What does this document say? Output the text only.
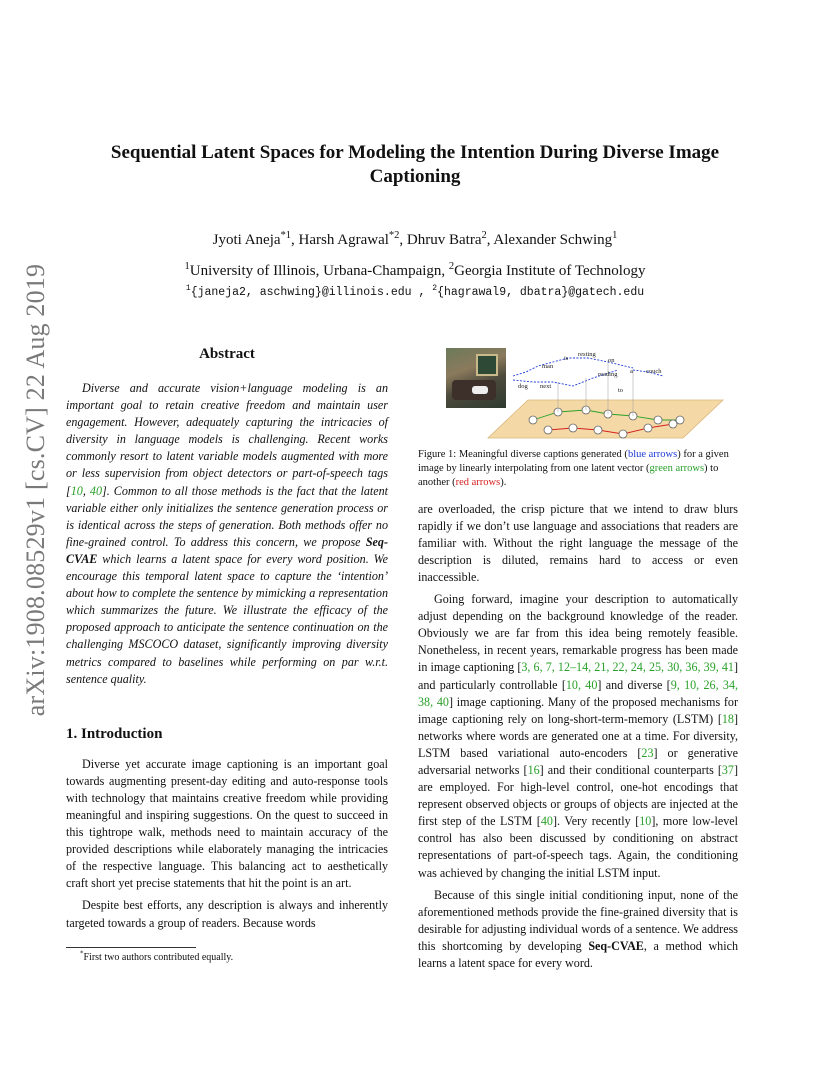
arXiv:1908.08529v1 [cs.CV] 22 Aug 2019
Sequential Latent Spaces for Modeling the Intention During Diverse Image
Captioning
Jyoti Aneja$^{*1}$, Harsh Agrawal$^{*2}$, Dhruv Batra$^2$, Alexander Schwing$^1$
$^1$University of Illinois, Urbana-Champaign, $^2$Georgia Institute of Technology
$^1${janeja2, aschwing}@illinois.edu , $^2${hagrawal9, dbatra}@gatech.edu
Abstract

Diverse and accurate vision+language modeling is an important goal to retain creative freedom and maintain user engagement. However, adequately capturing the intricacies of diversity in language models is challenging. Recent works commonly resort to latent variable models augmented with more or less supervision from object detectors or part-of-speech tags [10, 40]. Common to all those methods is the fact that the latent variable either only initializes the sentence generation process or is identical across the steps of generation. Both methods offer no fine-grained control. To address this concern, we propose Seq-CVAE which learns a latent space for every word position. We encourage this temporal latent space to capture the ‘intention’ about how to complete the sentence by mimicking a representation which summarizes the future. We illustrate the efficacy of the proposed approach to anticipate the sentence continuation on the challenging MSCOCO dataset, significantly improving diversity metrics compared to baselines while performing on par w.r.t. sentence quality.

1. Introduction

Diverse yet accurate image captioning is an important goal towards augmenting present-day editing and auto-response tools with technology that maintains creative freedom while providing meaningful and inspiring suggestions. On the quest to succeed in this tightrope walk, methods need to maintain accuracy of the provided descriptions while elaborately managing the intricacies of the respective language. This balancing act to aesthetically craft short yet precise statements that hit the point is an art.

Despite best efforts, any description is always and inherently targeted towards a group of readers. Because words

*First two authors contributed equally.
man
is
resting
on
a couch
dog next
reading
to

Figure 1: Meaningful diverse captions generated (blue arrows) for a given image by linearly interpolating from one latent vector (green arrows) to another (red arrows).

are overloaded, the crisp picture that we intend to draw blurs rapidly if we don’t use language and associations that readers are familiar with. Without the right language the message of the description is diluted, remains hard to access or even inaccessible.

Going forward, imagine your description to automatically adjust depending on the background knowledge of the reader. Obviously we are far from this idea being remotely feasible. Nonetheless, in recent years, remarkable progress has been made in image captioning [3, 6, 7, 12–14, 21, 22, 24, 25, 30, 36, 39, 41] and particularly controllable [10, 40] and diverse [9, 10, 26, 34, 38, 40] image captioning. Many of the proposed mechanisms for image captioning rely on long-short-term-memory (LSTM) [18] networks where words are generated one at a time. For diversity, LSTM based variational auto-encoders [23] or generative adversarial networks [16] and their conditional counterparts [37] are employed. For high-level control, one-hot encodings that represent observed objects or groups of objects are injected at the first step of the LSTM [40]. Very recently [10], more low-level control has also been discussed by conditioning on abstract representations of part-of-speech tags. Again, the conditioning was achieved by changing the initial LSTM input.

Because of this single initial conditioning input, none of the aforementioned methods provide the fine-grained diversity that is desirable for adjusting individual words of a sentence. We address this shortcoming by developing Seq-CVAE, a method which learns a latent space for every word.
